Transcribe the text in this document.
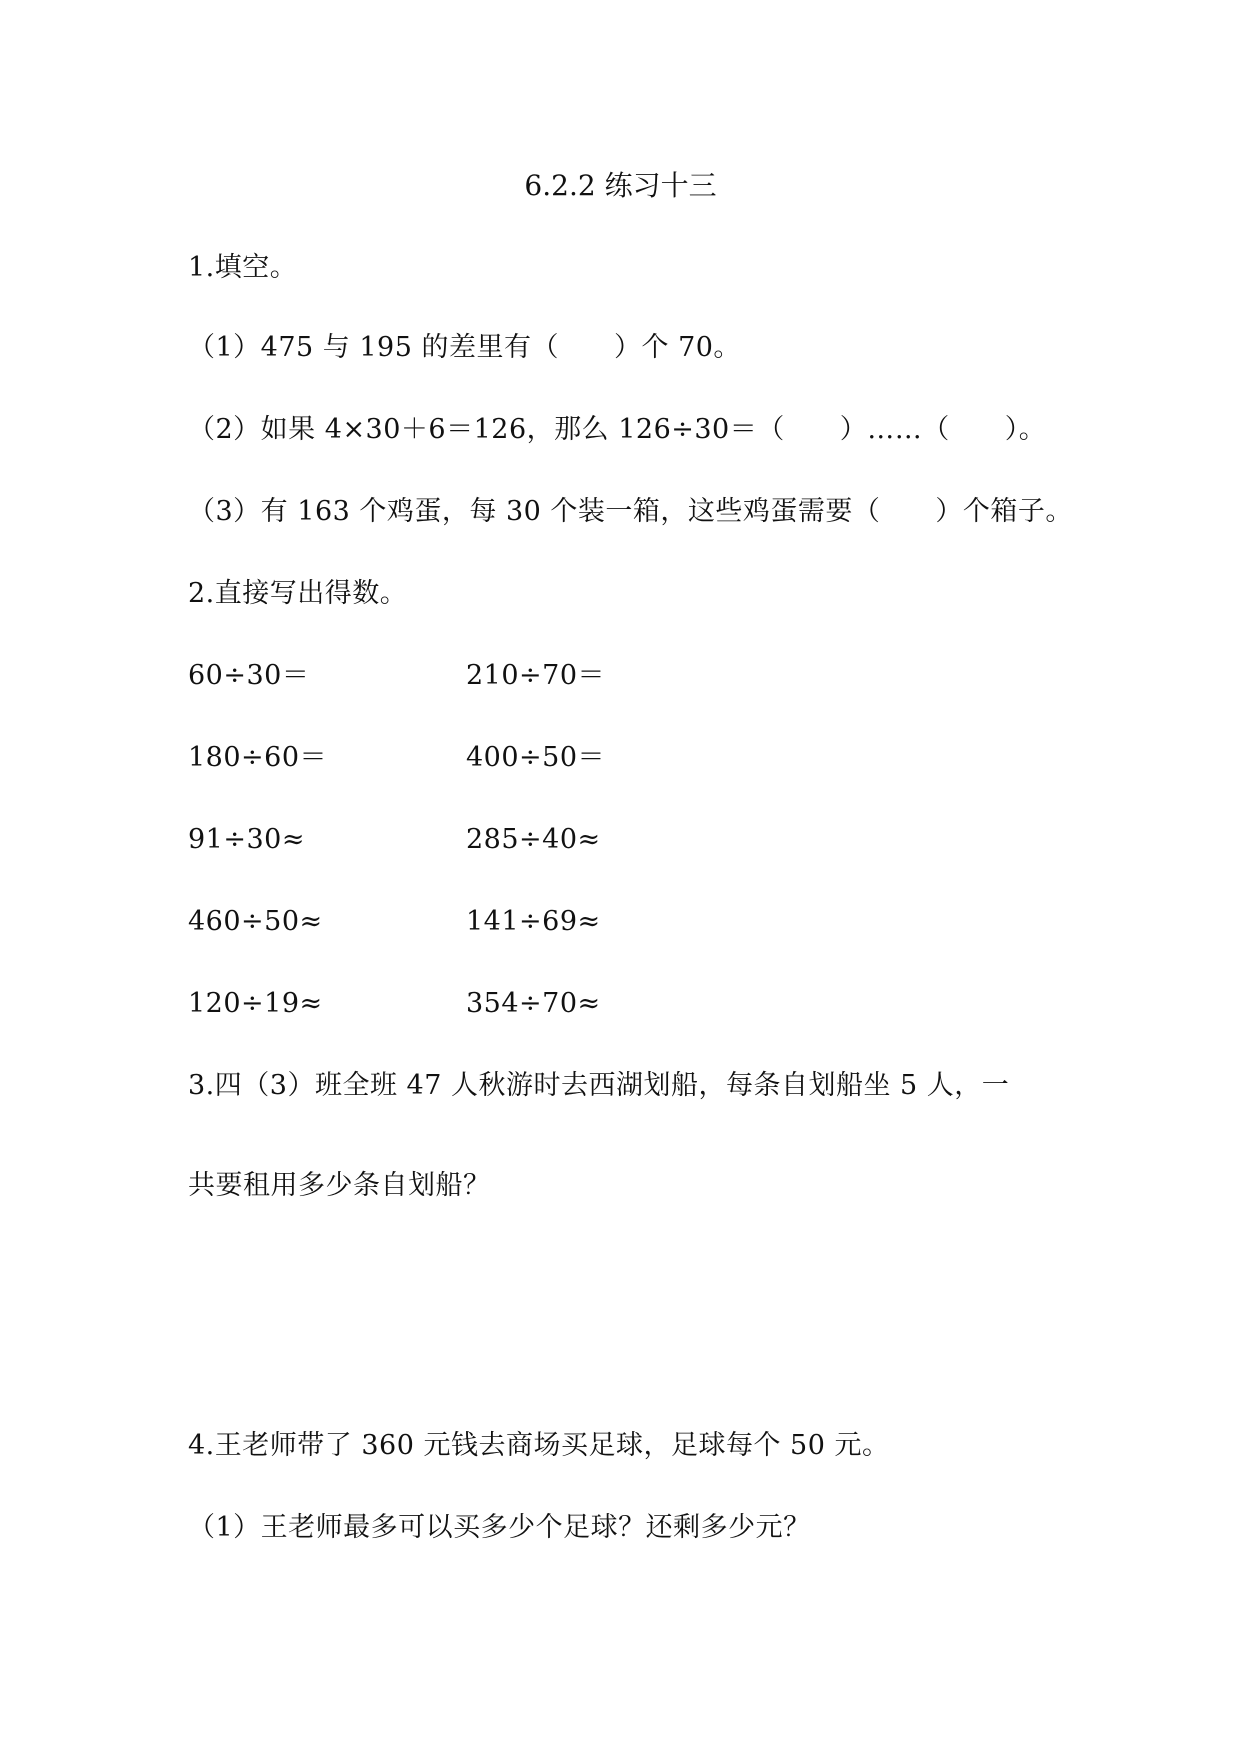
6.2.2 练习十三
1.填空。
（1）475 与 195 的差里有（　　）个 70。
（2）如果 4×30＋6＝126，那么 126÷30＝（　　）……（　　）。
（3）有 163 个鸡蛋，每 30 个装一箱，这些鸡蛋需要（　　）个箱子。
2.直接写出得数。
60÷30＝	210÷70＝
180÷60＝	400÷50＝
91÷30≈	285÷40≈
460÷50≈	141÷69≈
120÷19≈	354÷70≈
3.四（3）班全班 47 人秋游时去西湖划船，每条自划船坐 5 人，一
共要租用多少条自划船？
4.王老师带了 360 元钱去商场买足球，足球每个 50 元。
（1）王老师最多可以买多少个足球？还剩多少元？
